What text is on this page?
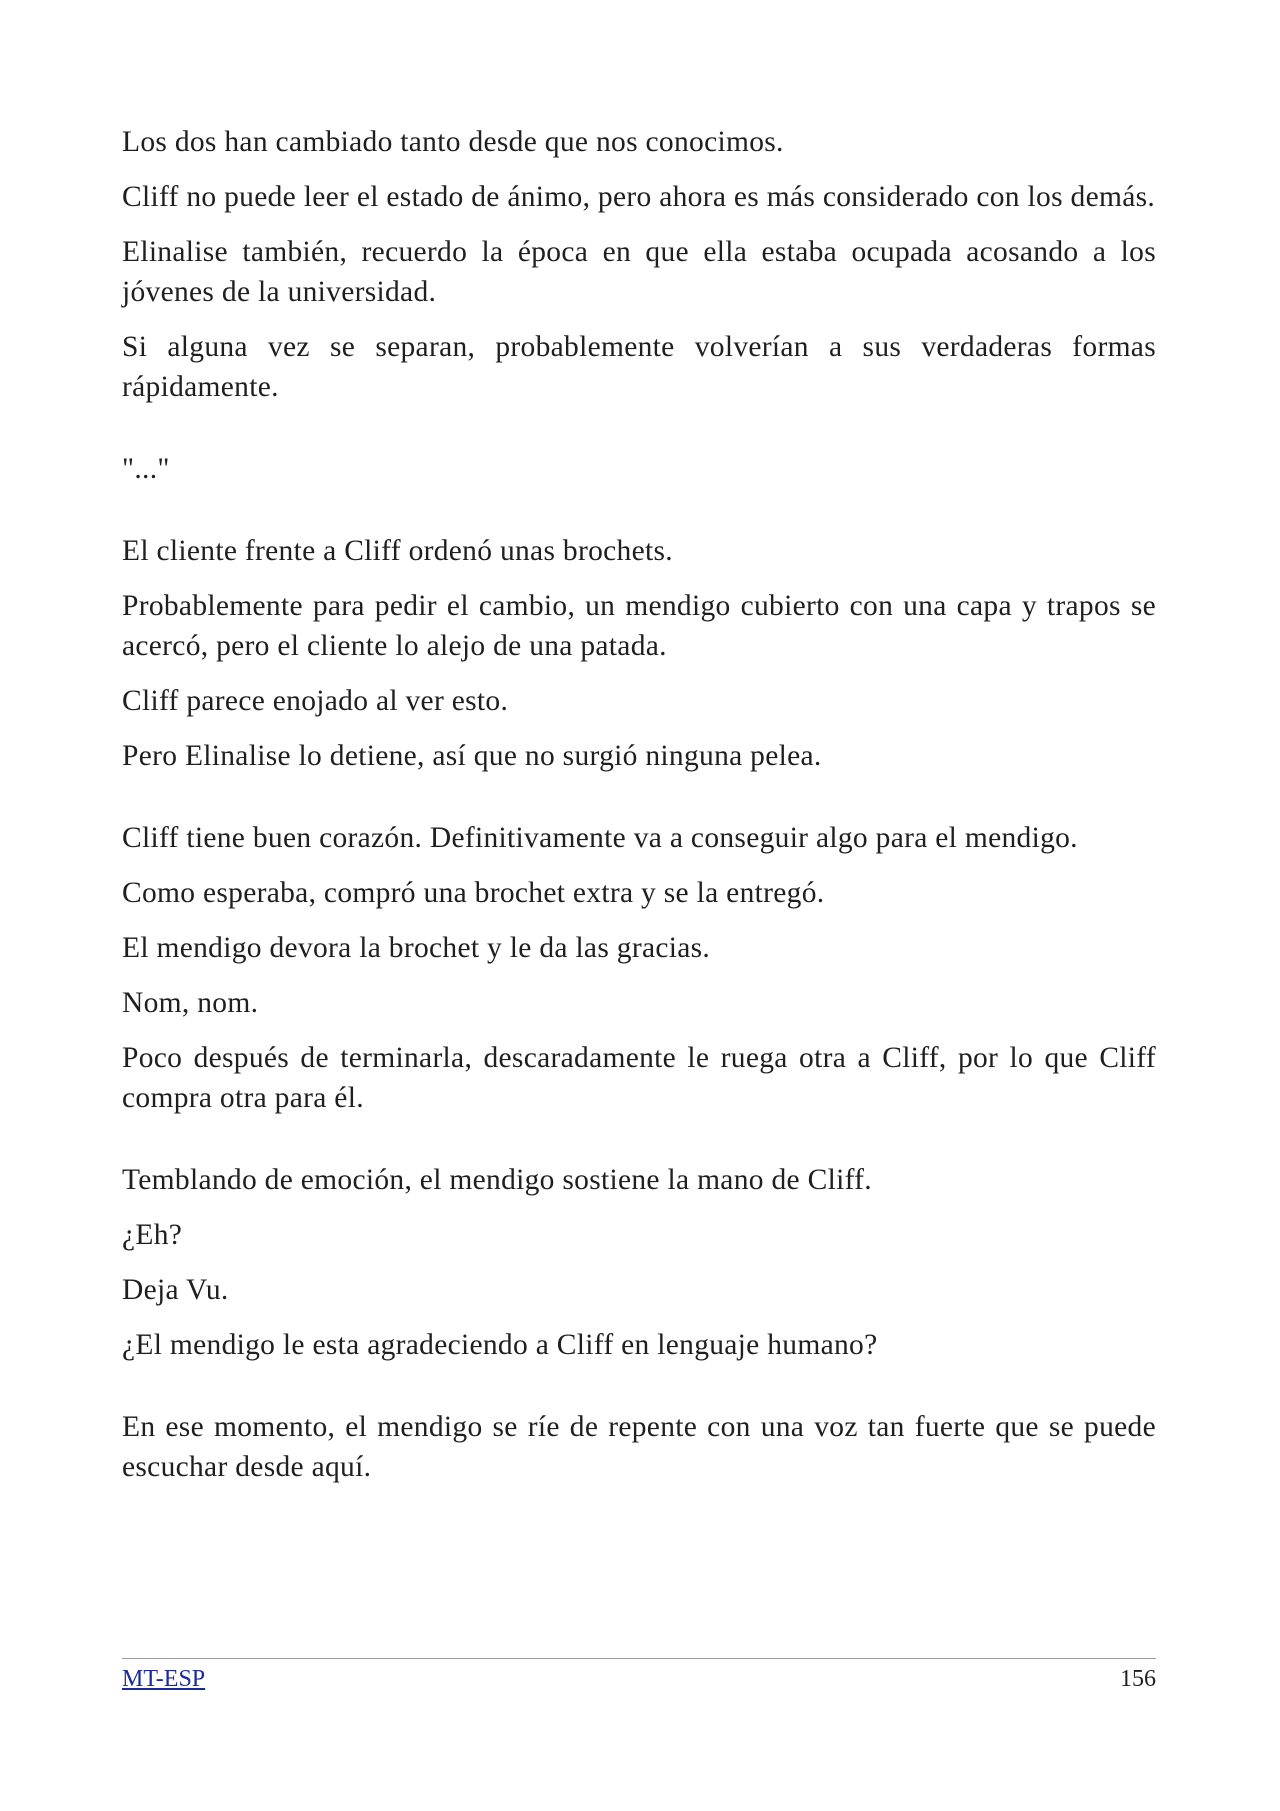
Los dos han cambiado tanto desde que nos conocimos.

Cliff no puede leer el estado de ánimo, pero ahora es más considerado con los demás.

Elinalise también, recuerdo la época en que ella estaba ocupada acosando a los jóvenes de la universidad.

Si alguna vez se separan, probablemente volverían a sus verdaderas formas rápidamente.

"..."

El cliente frente a Cliff ordenó unas brochets.

Probablemente para pedir el cambio, un mendigo cubierto con una capa y trapos se acercó, pero el cliente lo alejo de una patada.

Cliff parece enojado al ver esto.

Pero Elinalise lo detiene, así que no surgió ninguna pelea.

Cliff tiene buen corazón. Definitivamente va a conseguir algo para el mendigo.

Como esperaba, compró una brochet extra y se la entregó.

El mendigo devora la brochet y le da las gracias.

Nom, nom.

Poco después de terminarla, descaradamente le ruega otra a Cliff, por lo que Cliff compra otra para él.

Temblando de emoción, el mendigo sostiene la mano de Cliff.

¿Eh?

Deja Vu.

¿El mendigo le esta agradeciendo a Cliff en lenguaje humano?

En ese momento, el mendigo se ríe de repente con una voz tan fuerte que se puede escuchar desde aquí.

MT-ESP	156
